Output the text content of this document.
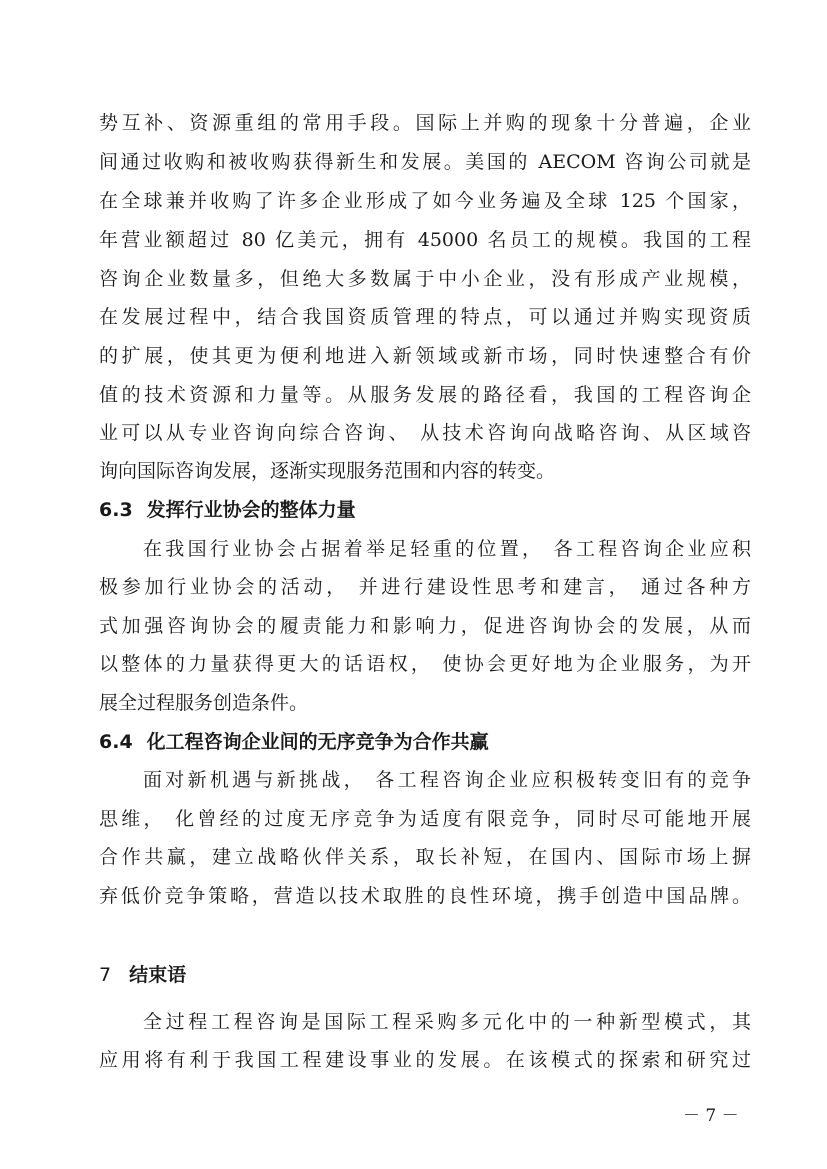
势互补、资源重组的常用手段。国际上并购的现象十分普遍，企业
间通过收购和被收购获得新生和发展。美国的 AECOM 咨询公司就是
在全球兼并收购了许多企业形成了如今业务遍及全球 125 个国家，
年营业额超过 80 亿美元，拥有 45000 名员工的规模。我国的工程
咨询企业数量多，但绝大多数属于中小企业，没有形成产业规模，
在发展过程中，结合我国资质管理的特点，可以通过并购实现资质
的扩展，使其更为便利地进入新领域或新市场，同时快速整合有价
值的技术资源和力量等。从服务发展的路径看，我国的工程咨询企
业可以从专业咨询向综合咨询、 从技术咨询向战略咨询、从区域咨
询向国际咨询发展，逐渐实现服务范围和内容的转变。
6.3 发挥行业协会的整体力量
在我国行业协会占据着举足轻重的位置， 各工程咨询企业应积
极参加行业协会的活动， 并进行建设性思考和建言， 通过各种方
式加强咨询协会的履责能力和影响力，促进咨询协会的发展，从而
以整体的力量获得更大的话语权， 使协会更好地为企业服务，为开
展全过程服务创造条件。
6.4 化工程咨询企业间的无序竞争为合作共赢
面对新机遇与新挑战， 各工程咨询企业应积极转变旧有的竞争
思维， 化曾经的过度无序竞争为适度有限竞争，同时尽可能地开展
合作共赢，建立战略伙伴关系，取长补短，在国内、国际市场上摒
弃低价竞争策略，营造以技术取胜的良性环境，携手创造中国品牌。
7 结束语
全过程工程咨询是国际工程采购多元化中的一种新型模式，其
应用将有利于我国工程建设事业的发展。在该模式的探索和研究过
－ 7 －
